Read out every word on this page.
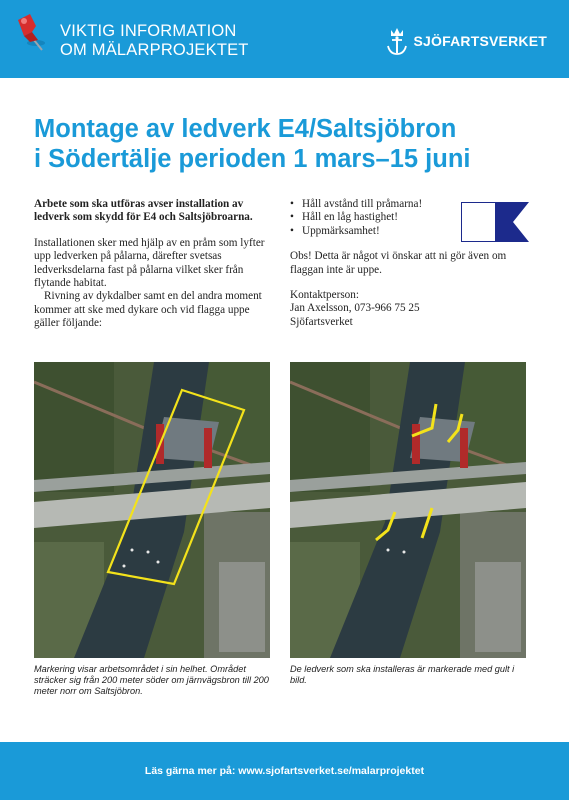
VIKTIG INFORMATION
OM MÄLARPROJEKTET	SJÖFARTSVERKET
Montage av ledverk E4/Saltsjöbron
i Södertälje perioden 1 mars–15 juni

Arbete som ska utföras avser installation av ledverk som skydd för E4 och Saltsjöbroarna.

Installationen sker med hjälp av en pråm som lyfter upp ledverken på pålarna, därefter svetsas ledverksdelarna fast på pålarna vilket sker från flytande habitat.

Rivning av dykdalber samt en del andra moment kommer att ske med dykare och vid flagga uppe gäller följande:

• Håll avstånd till pråmarna!
• Håll en låg hastighet!
• Uppmärksamhet!

Obs! Detta är något vi önskar att ni gör även om flaggan inte är uppe.

Kontaktperson:
Jan Axelsson, 073-966 75 25
Sjöfartsverket

Markering visar arbetsområdet i sin helhet. Området sträcker sig från 200 meter söder om järnvägsbron till 200 meter norr om Saltsjöbron.

De ledverk som ska installeras är markerade med gult i bild.

Läs gärna mer på: www.sjofartsverket.se/malarprojektet
